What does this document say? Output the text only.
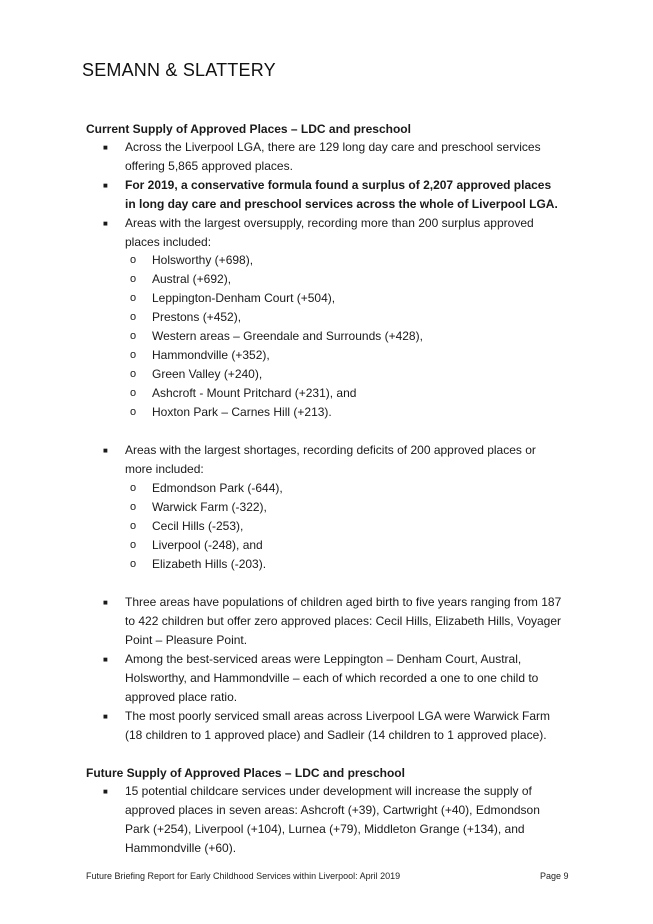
SEMANN & SLATTERY
Current Supply of Approved Places – LDC and preschool
■	Across the Liverpool LGA, there are 129 long day care and preschool services offering 5,865 approved places.
■	For 2019, a conservative formula found a surplus of 2,207 approved places in long day care and preschool services across the whole of Liverpool LGA.
■	Areas with the largest oversupply, recording more than 200 surplus approved places included:
o Holsworthy (+698),
o Austral (+692),
o Leppington-Denham Court (+504),
o Prestons (+452),
o Western areas – Greendale and Surrounds (+428),
o Hammondville (+352),
o Green Valley (+240),
o Ashcroft - Mount Pritchard (+231), and
o Hoxton Park – Carnes Hill (+213).
■	Areas with the largest shortages, recording deficits of 200 approved places or more included:
o Edmondson Park (-644),
o Warwick Farm (-322),
o Cecil Hills (-253),
o Liverpool (-248), and
o Elizabeth Hills (-203).
■	Three areas have populations of children aged birth to five years ranging from 187 to 422 children but offer zero approved places: Cecil Hills, Elizabeth Hills, Voyager Point – Pleasure Point.
■	Among the best-serviced areas were Leppington – Denham Court, Austral, Holsworthy, and Hammondville – each of which recorded a one to one child to approved place ratio.
■	The most poorly serviced small areas across Liverpool LGA were Warwick Farm (18 children to 1 approved place) and Sadleir (14 children to 1 approved place).
Future Supply of Approved Places – LDC and preschool
■	15 potential childcare services under development will increase the supply of approved places in seven areas: Ashcroft (+39), Cartwright (+40), Edmondson Park (+254), Liverpool (+104), Lurnea (+79), Middleton Grange (+134), and Hammondville (+60).
Future Briefing Report for Early Childhood Services within Liverpool: April 2019	Page 9
